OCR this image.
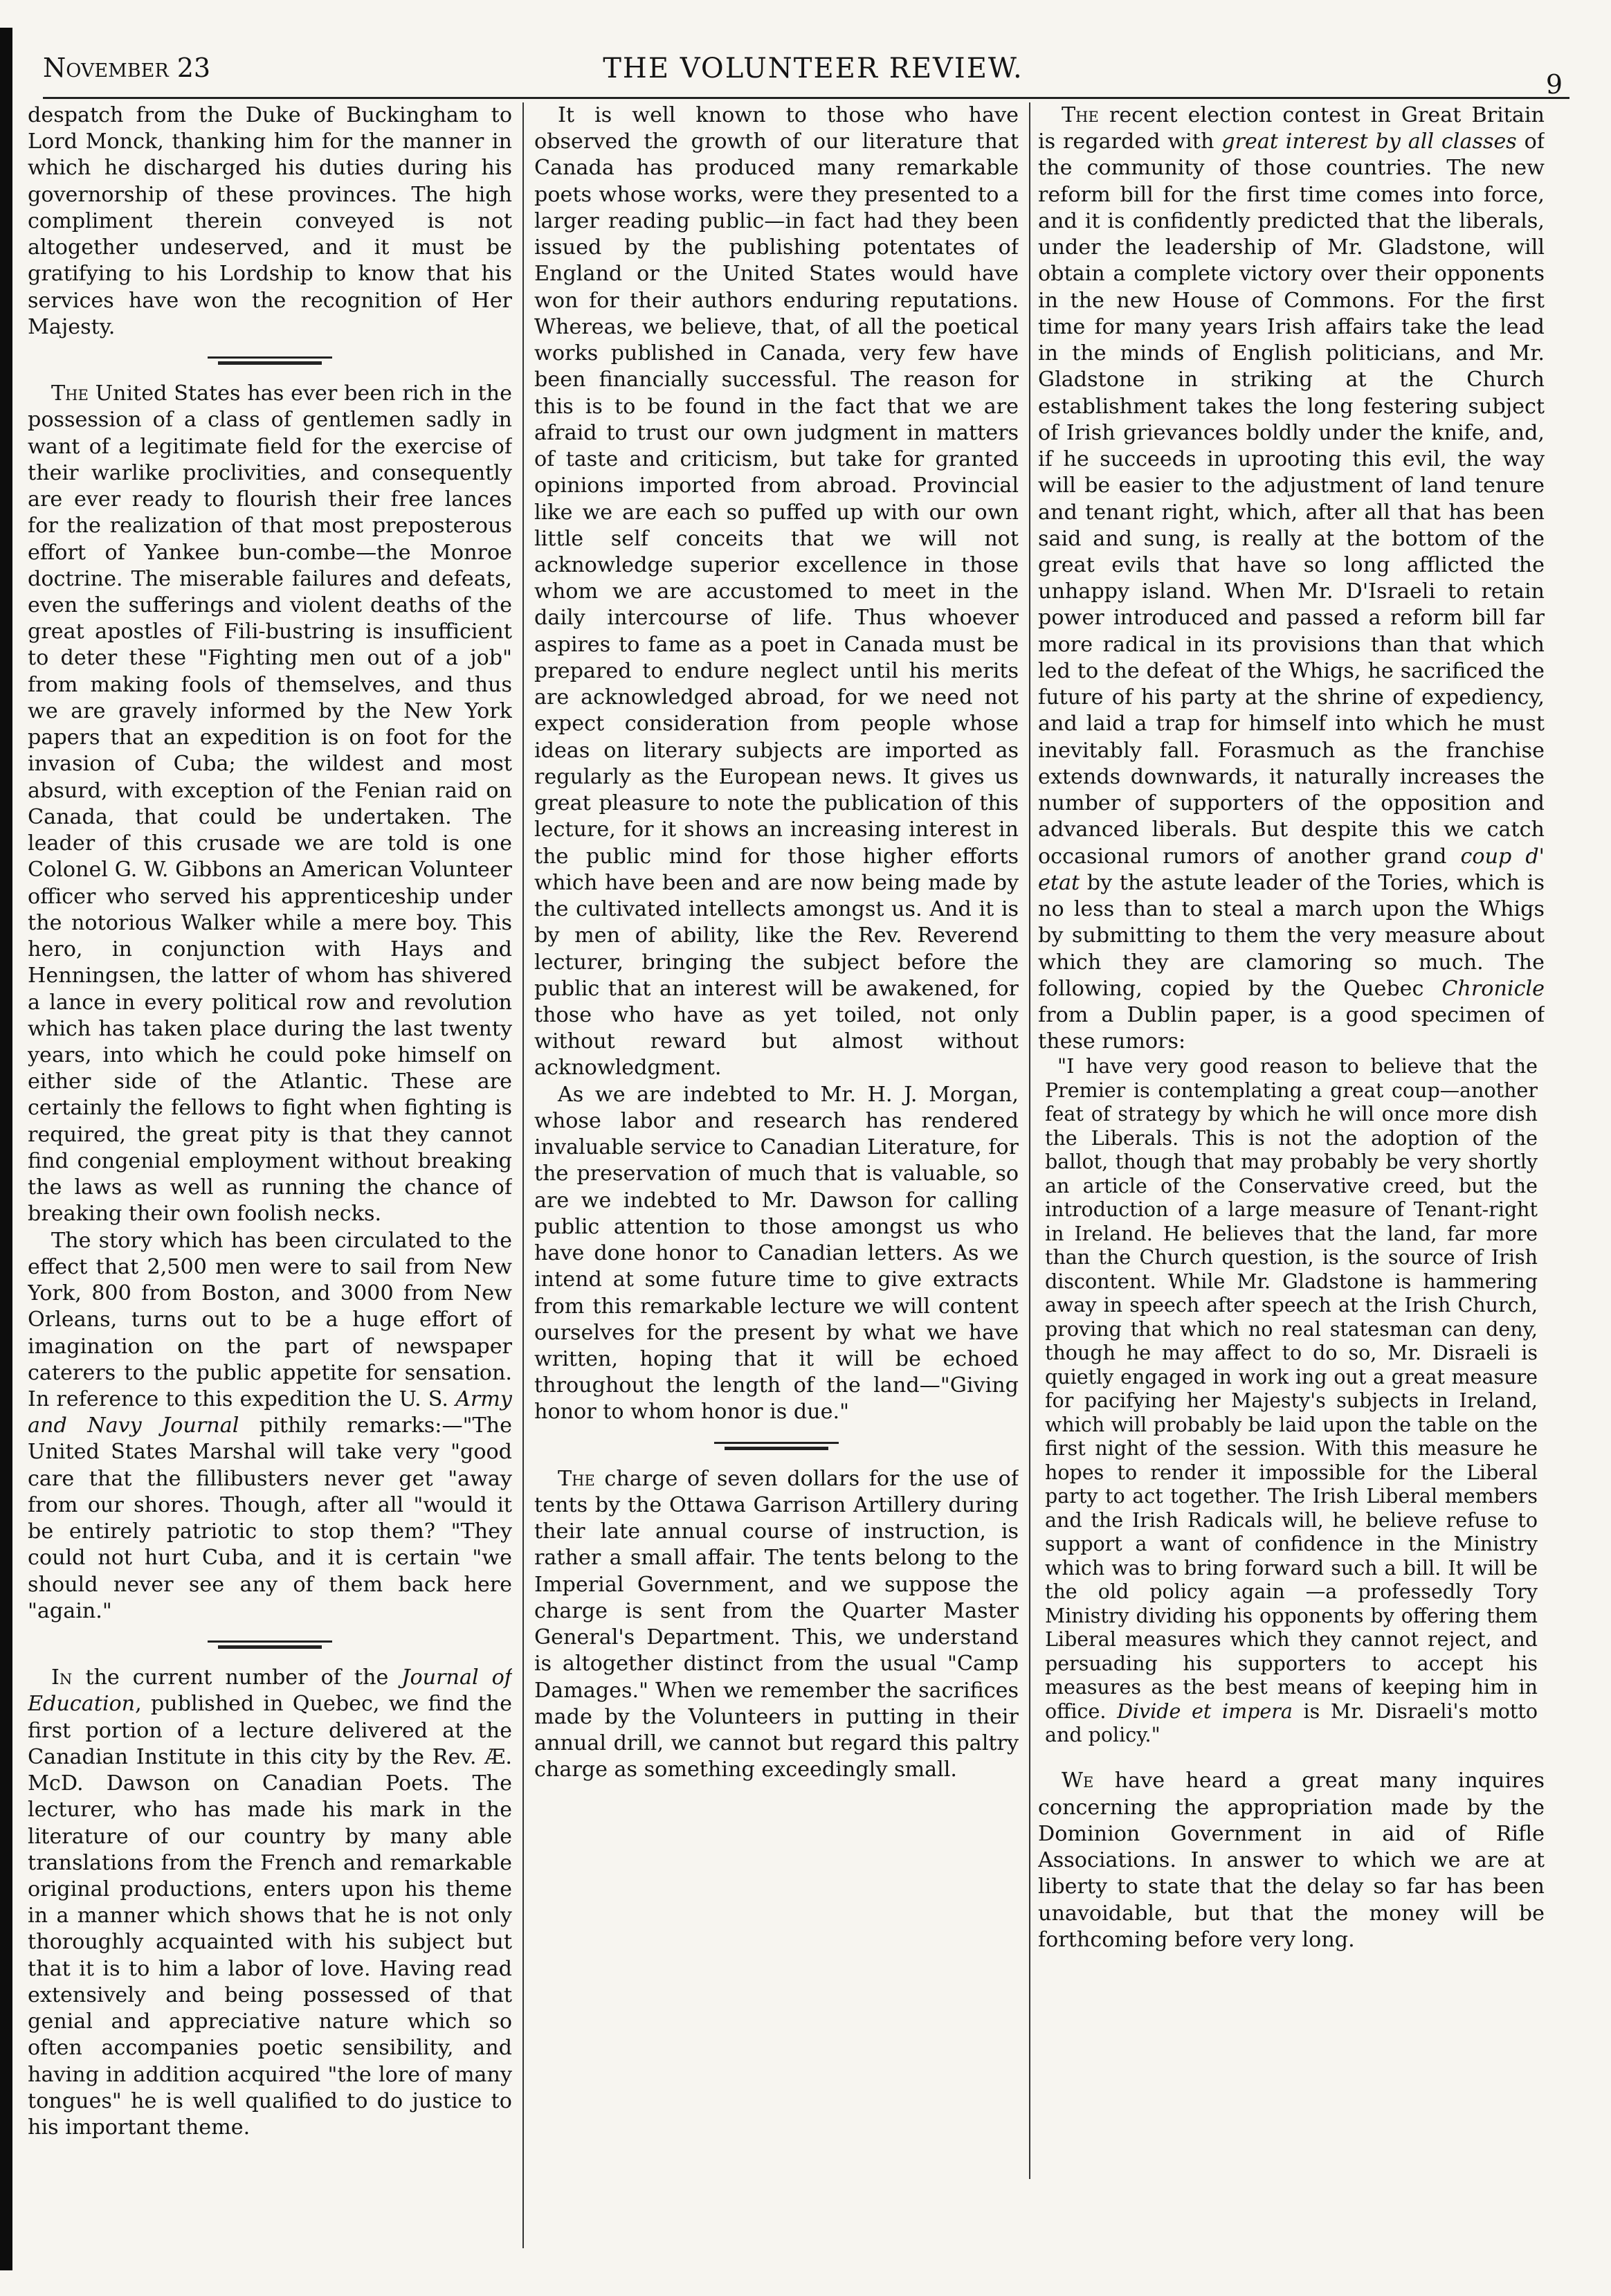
November 23	THE VOLUNTEER REVIEW.	9

despatch from the Duke of Buckingham to Lord Monck, thanking him for the manner in which he discharged his duties during his governorship of these provinces. The high compliment therein conveyed is not altogether undeserved, and it must be gratifying to his Lordship to know that his services have won the recognition of Her Majesty.

The United States has ever been rich in the possession of a class of gentlemen sadly in want of a legitimate field for the exercise of their warlike proclivities, and consequently are ever ready to flourish their free lances for the realization of that most preposterous effort of Yankee bun-combe—the Monroe doctrine. The miserable failures and defeats, even the sufferings and violent deaths of the great apostles of Fili-bustring is insufficient to deter these "Fighting men out of a job" from making fools of themselves, and thus we are gravely informed by the New York papers that an expedition is on foot for the invasion of Cuba; the wildest and most absurd, with exception of the Fenian raid on Canada, that could be undertaken. The leader of this crusade we are told is one Colonel G. W. Gibbons an American Volunteer officer who served his apprenticeship under the notorious Walker while a mere boy. This hero, in conjunction with Hays and Henningsen, the latter of whom has shivered a lance in every political row and revolution which has taken place during the last twenty years, into which he could poke himself on either side of the Atlantic. These are certainly the fellows to fight when fighting is required, the great pity is that they cannot find congenial employment without breaking the laws as well as running the chance of breaking their own foolish necks.

The story which has been circulated to the effect that 2,500 men were to sail from New York, 800 from Boston, and 3000 from New Orleans, turns out to be a huge effort of imagination on the part of newspaper caterers to the public appetite for sensation. In reference to this expedition the U. S. Army and Navy Journal pithily remarks:—"The United States Marshal will take very "good care that the fillibusters never get "away from our shores. Though, after all "would it be entirely patriotic to stop them? "They could not hurt Cuba, and it is certain "we should never see any of them back here "again."

In the current number of the Journal of Education, published in Quebec, we find the first portion of a lecture delivered at the Canadian Institute in this city by the Rev. Æ. McD. Dawson on Canadian Poets. The lecturer, who has made his mark in the literature of our country by many able translations from the French and remarkable original productions, enters upon his theme in a manner which shows that he is not only thoroughly acquainted with his subject but that it is to him a labor of love. Having read extensively and being possessed of that genial and appreciative nature which so often accompanies poetic sensibility, and having in addition acquired "the lore of many tongues" he is well qualified to do justice to his important theme.

It is well known to those who have observed the growth of our literature that Canada has produced many remarkable poets whose works, were they presented to a larger reading public—in fact had they been issued by the publishing potentates of England or the United States would have won for their authors enduring reputations. Whereas, we believe, that, of all the poetical works published in Canada, very few have been financially successful. The reason for this is to be found in the fact that we are afraid to trust our own judgment in matters of taste and criticism, but take for granted opinions imported from abroad. Provincial like we are each so puffed up with our own little self conceits that we will not acknowledge superior excellence in those whom we are accustomed to meet in the daily intercourse of life. Thus whoever aspires to fame as a poet in Canada must be prepared to endure neglect until his merits are acknowledged abroad, for we need not expect consideration from people whose ideas on literary subjects are imported as regularly as the European news. It gives us great pleasure to note the publication of this lecture, for it shows an increasing interest in the public mind for those higher efforts which have been and are now being made by the cultivated intellects amongst us. And it is by men of ability, like the Rev. Reverend lecturer, bringing the subject before the public that an interest will be awakened, for those who have as yet toiled, not only without reward but almost without acknowledgment.

As we are indebted to Mr. H. J. Morgan, whose labor and research has rendered invaluable service to Canadian Literature, for the preservation of much that is valuable, so are we indebted to Mr. Dawson for calling public attention to those amongst us who have done honor to Canadian letters. As we intend at some future time to give extracts from this remarkable lecture we will content ourselves for the present by what we have written, hoping that it will be echoed throughout the length of the land—"Giving honor to whom honor is due."

The charge of seven dollars for the use of tents by the Ottawa Garrison Artillery during their late annual course of instruction, is rather a small affair. The tents belong to the Imperial Government, and we suppose the charge is sent from the Quarter Master General's Department. This, we understand is altogether distinct from the usual "Camp Damages." When we remember the sacrifices made by the Volunteers in putting in their annual drill, we cannot but regard this paltry charge as something exceedingly small.

The recent election contest in Great Britain is regarded with great interest by all classes of the community of those countries. The new reform bill for the first time comes into force, and it is confidently predicted that the liberals, under the leadership of Mr. Gladstone, will obtain a complete victory over their opponents in the new House of Commons. For the first time for many years Irish affairs take the lead in the minds of English politicians, and Mr. Gladstone in striking at the Church establishment takes the long festering subject of Irish grievances boldly under the knife, and, if he succeeds in uprooting this evil, the way will be easier to the adjustment of land tenure and tenant right, which, after all that has been said and sung, is really at the bottom of the great evils that have so long afflicted the unhappy island. When Mr. D'Israeli to retain power introduced and passed a reform bill far more radical in its provisions than that which led to the defeat of the Whigs, he sacrificed the future of his party at the shrine of expediency, and laid a trap for himself into which he must inevitably fall. Forasmuch as the franchise extends downwards, it naturally increases the number of supporters of the opposition and advanced liberals. But despite this we catch occasional rumors of another grand coup d' etat by the astute leader of the Tories, which is no less than to steal a march upon the Whigs by submitting to them the very measure about which they are clamoring so much. The following, copied by the Quebec Chronicle from a Dublin paper, is a good specimen of these rumors:

"I have very good reason to believe that the Premier is contemplating a great coup—another feat of strategy by which he will once more dish the Liberals. This is not the adoption of the ballot, though that may probably be very shortly an article of the Conservative creed, but the introduction of a large measure of Tenant-right in Ireland. He believes that the land, far more than the Church question, is the source of Irish discontent. While Mr. Gladstone is hammering away in speech after speech at the Irish Church, proving that which no real statesman can deny, though he may affect to do so, Mr. Disraeli is quietly engaged in work ing out a great measure for pacifying her Majesty's subjects in Ireland, which will probably be laid upon the table on the first night of the session. With this measure he hopes to render it impossible for the Liberal party to act together. The Irish Liberal members and the Irish Radicals will, he believe refuse to support a want of confidence in the Ministry which was to bring forward such a bill. It will be the old policy again —a professedly Tory Ministry dividing his opponents by offering them Liberal measures which they cannot reject, and persuading his supporters to accept his measures as the best means of keeping him in office. Divide et impera is Mr. Disraeli's motto and policy."

We have heard a great many inquires concerning the appropriation made by the Dominion Government in aid of Rifle Associations. In answer to which we are at liberty to state that the delay so far has been unavoidable, but that the money will be forthcoming before very long.
